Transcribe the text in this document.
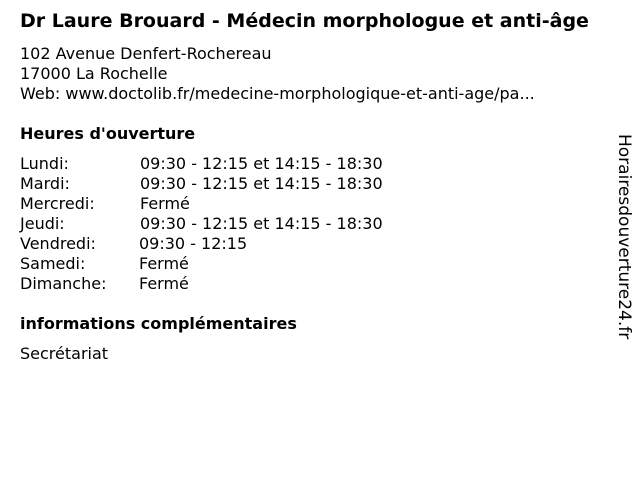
Dr Laure Brouard - Médecin morphologue et anti-âge
102 Avenue Denfert-Rochereau
17000 La Rochelle
Web: www.doctolib.fr/medecine-morphologique-et-anti-age/pa...
Heures d'ouverture
Lundi:	09:30 - 12:15 et 14:15 - 18:30
Mardi:	09:30 - 12:15 et 14:15 - 18:30
Mercredi:	Fermé
Jeudi:	09:30 - 12:15 et 14:15 - 18:30
Vendredi:	09:30 - 12:15
Samedi:	Fermé
Dimanche: Fermé
informations complémentaires
Secrétariat
Horairesdouverture24.fr
